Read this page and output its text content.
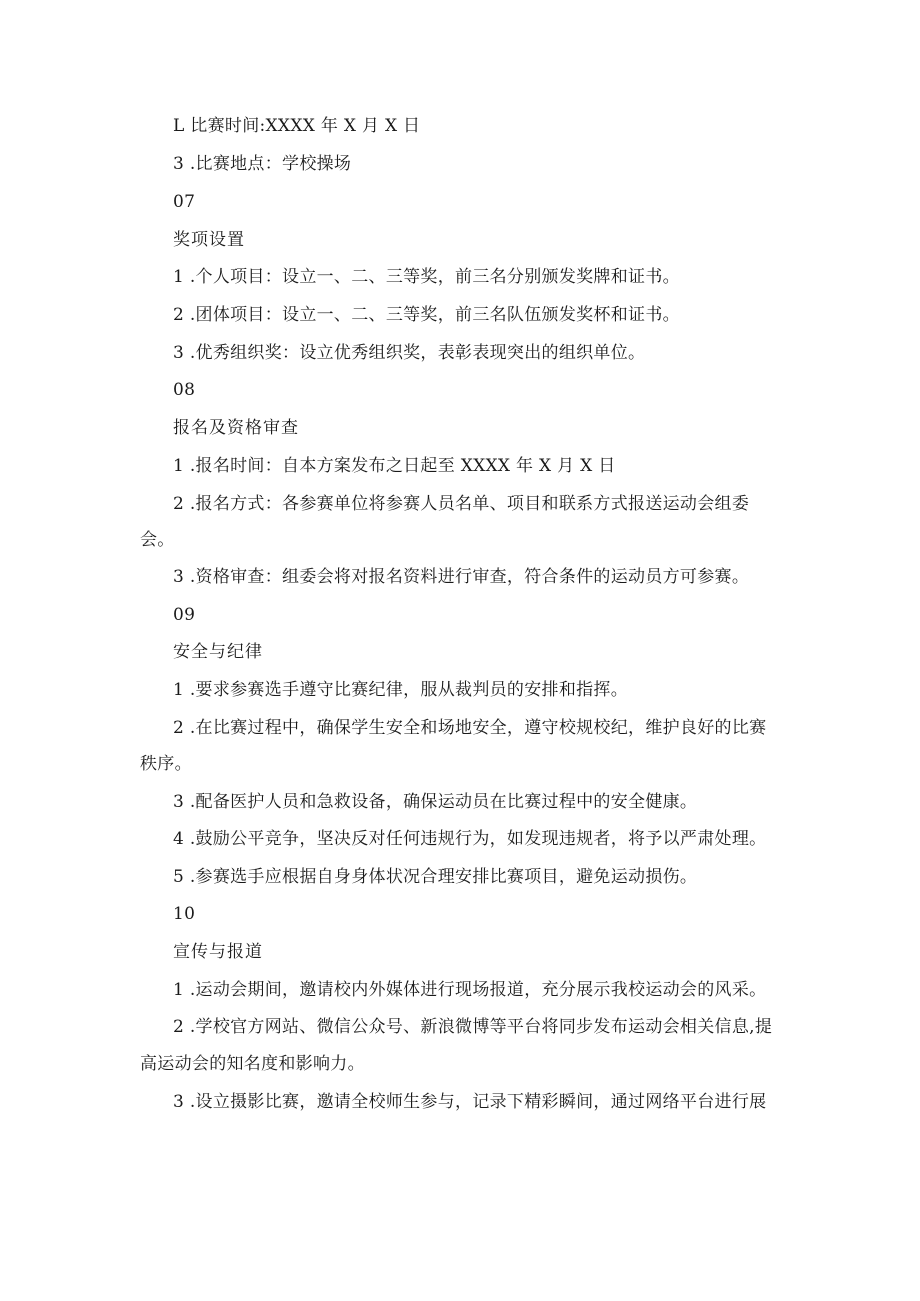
L 比赛时间:XXXX 年 X 月 X 日
3 .比赛地点：学校操场
07
奖项设置
1 .个人项目：设立一、二、三等奖，前三名分别颁发奖牌和证书。
2 .团体项目：设立一、二、三等奖，前三名队伍颁发奖杯和证书。
3 .优秀组织奖：设立优秀组织奖，表彰表现突出的组织单位。
08
报名及资格审查
1 .报名时间：自本方案发布之日起至 XXXX 年 X 月 X 日
2 .报名方式：各参赛单位将参赛人员名单、项目和联系方式报送运动会组委
会。
3 .资格审查：组委会将对报名资料进行审查，符合条件的运动员方可参赛。
09
安全与纪律
1 .要求参赛选手遵守比赛纪律，服从裁判员的安排和指挥。
2 .在比赛过程中，确保学生安全和场地安全，遵守校规校纪，维护良好的比赛
秩序。
3 .配备医护人员和急救设备，确保运动员在比赛过程中的安全健康。
4 .鼓励公平竞争，坚决反对任何违规行为，如发现违规者，将予以严肃处理。
5 .参赛选手应根据自身身体状况合理安排比赛项目，避免运动损伤。
10
宣传与报道
1 .运动会期间，邀请校内外媒体进行现场报道，充分展示我校运动会的风采。
2 .学校官方网站、微信公众号、新浪微博等平台将同步发布运动会相关信息,提
高运动会的知名度和影响力。
3 .设立摄影比赛，邀请全校师生参与，记录下精彩瞬间，通过网络平台进行展
